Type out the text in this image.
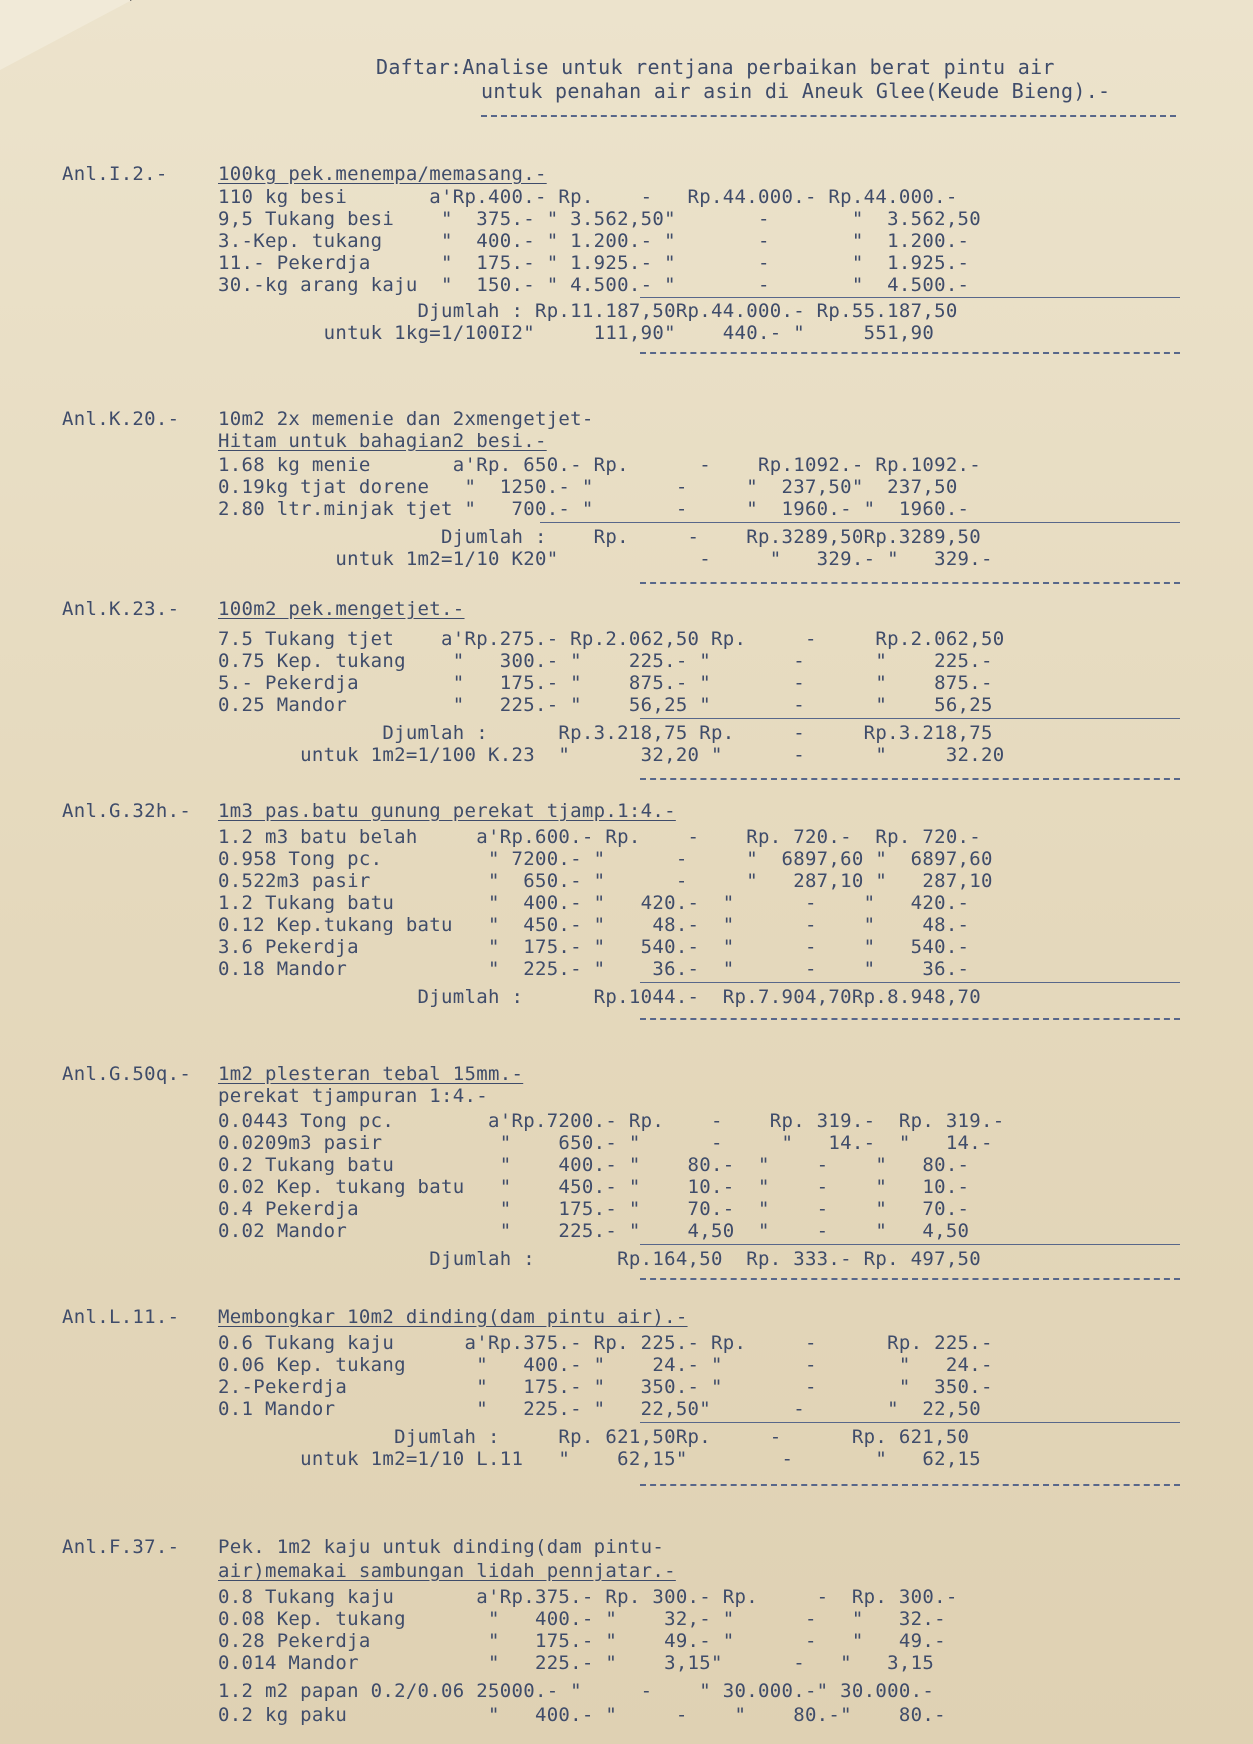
Daftar:Analise untuk rentjana perbaikan berat pintu air
untuk penahan air asin di Aneuk Glee(Keude Bieng).-
Anl.I.2.-	100kg pek.menempa/memasang.-
110 kg besi       a'Rp.400.- Rp.    -   Rp.44.000.- Rp.44.000.-
9,5 Tukang besi    "  375.- " 3.562,50"       -       "  3.562,50
3.-Kep. tukang     "  400.- " 1.200.- "       -       "  1.200.-
11.- Pekerdja      "  175.- " 1.925.- "       -       "  1.925.-
30.-kg arang kaju  "  150.- " 4.500.- "       -       "  4.500.-
Djumlah : Rp.11.187,50Rp.44.000.- Rp.55.187,50
untuk 1kg=1/100I2"     111,90"    440.- "     551,90
Anl.K.20.- 10m2 2x memenie dan 2xmengetjet-
Hitam untuk bahagian2 besi.-
1.68 kg menie       a'Rp. 650.- Rp.      -    Rp.1092.- Rp.1092.-
0.19kg tjat dorene   "  1250.- "       -     "  237,50"  237,50
2.80 ltr.minjak tjet "   700.- "       -     "  1960.- "  1960.-
Djumlah :    Rp.     -    Rp.3289,50Rp.3289,50
untuk 1m2=1/10 K20"            -     "   329.- "   329.-
Anl.K.23.- 100m2 pek.mengetjet.-
7.5 Tukang tjet    a'Rp.275.- Rp.2.062,50 Rp.     -     Rp.2.062,50
0.75 Kep. tukang    "   300.- "    225.- "       -      "    225.-
5.- Pekerdja        "   175.- "    875.- "       -      "    875.-
0.25 Mandor         "   225.- "    56,25 "       -      "    56,25
Djumlah :      Rp.3.218,75 Rp.     -     Rp.3.218,75
untuk 1m2=1/100 K.23  "      32,20 "      -      "     32.20
Anl.G.32h.- 1m3 pas.batu gunung perekat tjamp.1:4.-
1.2 m3 batu belah     a'Rp.600.- Rp.    -    Rp. 720.-  Rp. 720.-
0.958 Tong pc.         " 7200.- "      -     "  6897,60 "  6897,60
0.522m3 pasir          "  650.- "      -     "   287,10 "   287,10
1.2 Tukang batu        "  400.- "   420.-  "      -    "   420.-
0.12 Kep.tukang batu   "  450.- "    48.-  "      -    "    48.-
3.6 Pekerdja           "  175.- "   540.-  "      -    "   540.-
0.18 Mandor            "  225.- "    36.-  "      -    "    36.-
Djumlah :      Rp.1044.-  Rp.7.904,70Rp.8.948,70
Anl.G.50q.- 1m2 plesteran tebal 15mm.-
perekat tjampuran 1:4.-
0.0443 Tong pc.        a'Rp.7200.- Rp.    -    Rp. 319.-  Rp. 319.-
0.0209m3 pasir          "    650.- "      -     "   14.-  "   14.-
0.2 Tukang batu         "    400.- "    80.-  "    -    "   80.-
0.02 Kep. tukang batu   "    450.- "    10.-  "    -    "   10.-
0.4 Pekerdja            "    175.- "    70.-  "    -    "   70.-
0.02 Mandor             "    225.- "    4,50  "    -    "   4,50
Djumlah :       Rp.164,50  Rp. 333.- Rp. 497,50
Anl.L.11.- Membongkar 10m2 dinding(dam pintu air).-
0.6 Tukang kaju      a'Rp.375.- Rp. 225.- Rp.     -      Rp. 225.-
0.06 Kep. tukang      "   400.- "    24.- "       -       "   24.-
2.-Pekerdja           "   175.- "   350.- "       -       "  350.-
0.1 Mandor            "   225.- "   22,50"       -       "  22,50
Djumlah :     Rp. 621,50Rp.     -      Rp. 621,50
untuk 1m2=1/10 L.11   "    62,15"        -       "   62,15
Anl.F.37.- Pek. 1m2 kaju untuk dinding(dam pintu-
air)memakai sambungan lidah pennjatar.-
0.8 Tukang kaju       a'Rp.375.- Rp. 300.- Rp.     -  Rp. 300.-
0.08 Kep. tukang       "   400.- "    32,- "      -   "   32.-
0.28 Pekerdja          "   175.- "    49.- "      -   "   49.-
0.014 Mandor           "   225.- "    3,15"      -   "   3,15
1.2 m2 papan 0.2/0.06 25000.- "     -    " 30.000.-" 30.000.-
0.2 kg paku            "   400.- "     -    "    80.-"    80.-
